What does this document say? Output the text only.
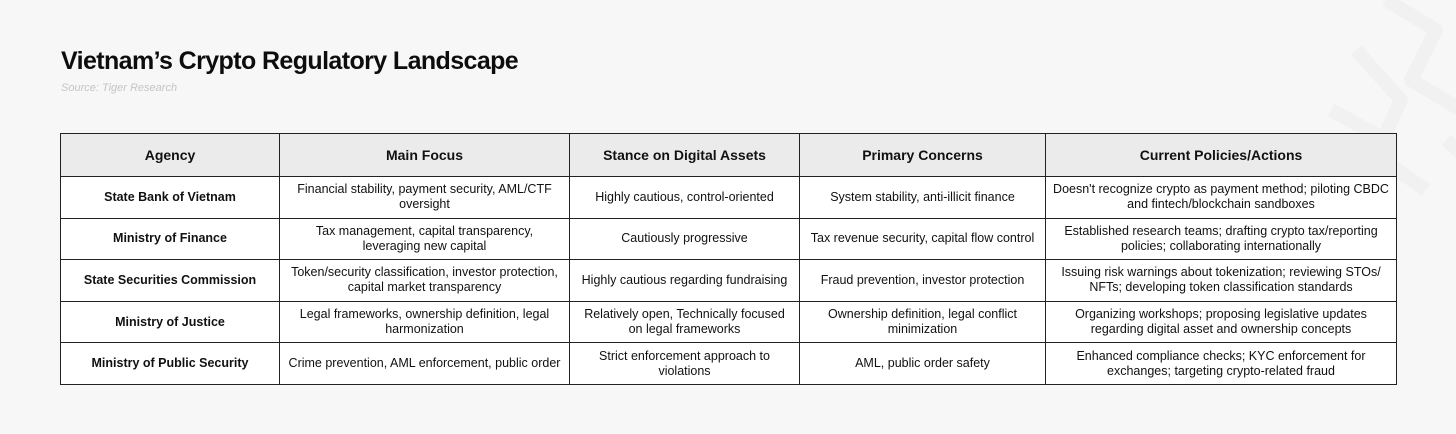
Vietnam’s Crypto Regulatory Landscape
Source: Tiger Research
Agency	Main Focus	Stance on Digital Assets	Primary Concerns	Current Policies/Actions
State Bank of Vietnam	Financial stability, payment security, AML/CTF oversight	Highly cautious, control-oriented	System stability, anti-illicit finance	Doesn't recognize crypto as payment method; piloting CBDC and fintech/blockchain sandboxes
Ministry of Finance	Tax management, capital transparency, leveraging new capital	Cautiously progressive	Tax revenue security, capital flow control	Established research teams; drafting crypto tax/reporting policies; collaborating internationally
State Securities Commission	Token/security classification, investor protection, capital market transparency	Highly cautious regarding fundraising	Fraud prevention, investor protection	Issuing risk warnings about tokenization; reviewing STOs/ NFTs; developing token classification standards
Ministry of Justice	Legal frameworks, ownership definition, legal harmonization	Relatively open, Technically focused on legal frameworks	Ownership definition, legal conflict minimization	Organizing workshops; proposing legislative updates regarding digital asset and ownership concepts
Ministry of Public Security	Crime prevention, AML enforcement, public order	Strict enforcement approach to violations	AML, public order safety	Enhanced compliance checks; KYC enforcement for exchanges; targeting crypto-related fraud
